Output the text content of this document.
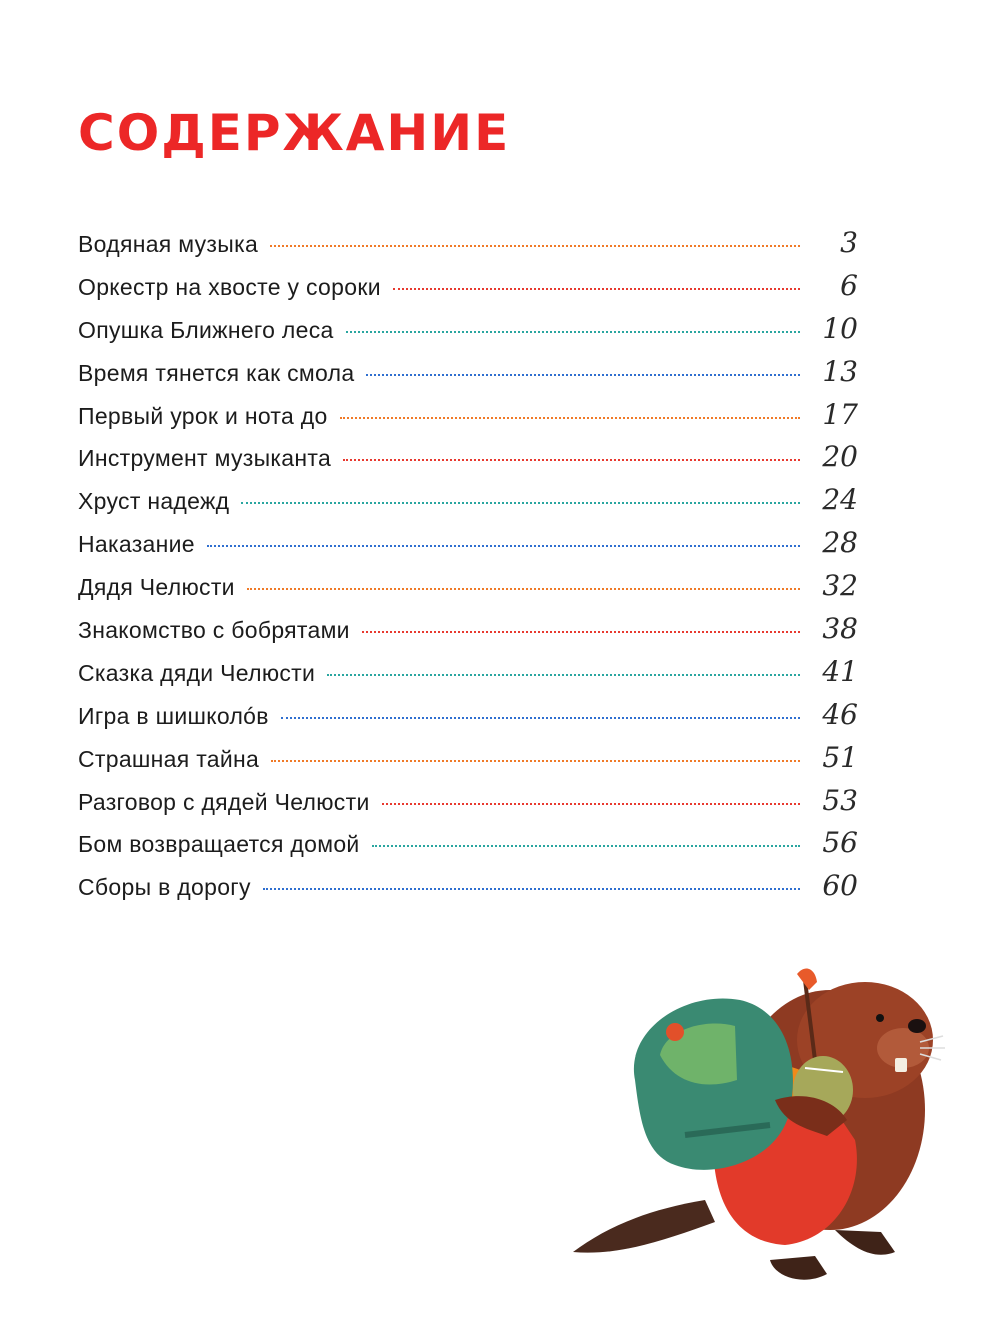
СОДЕРЖАНИЕ
Водяная музыка	3
Оркестр на хвосте у сороки	6
Опушка Ближнего леса	10
Время тянется как смола	13
Первый урок и нота до	17
Инструмент музыканта	20
Хруст надежд	24
Наказание	28
Дядя Челюсти	32
Знакомство с бобрятами	38
Сказка дяди Челюсти	41
Игра в шишколóв	46
Страшная тайна	51
Разговор с дядей Челюсти	53
Бом возвращается домой	56
Сборы в дорогу	60
